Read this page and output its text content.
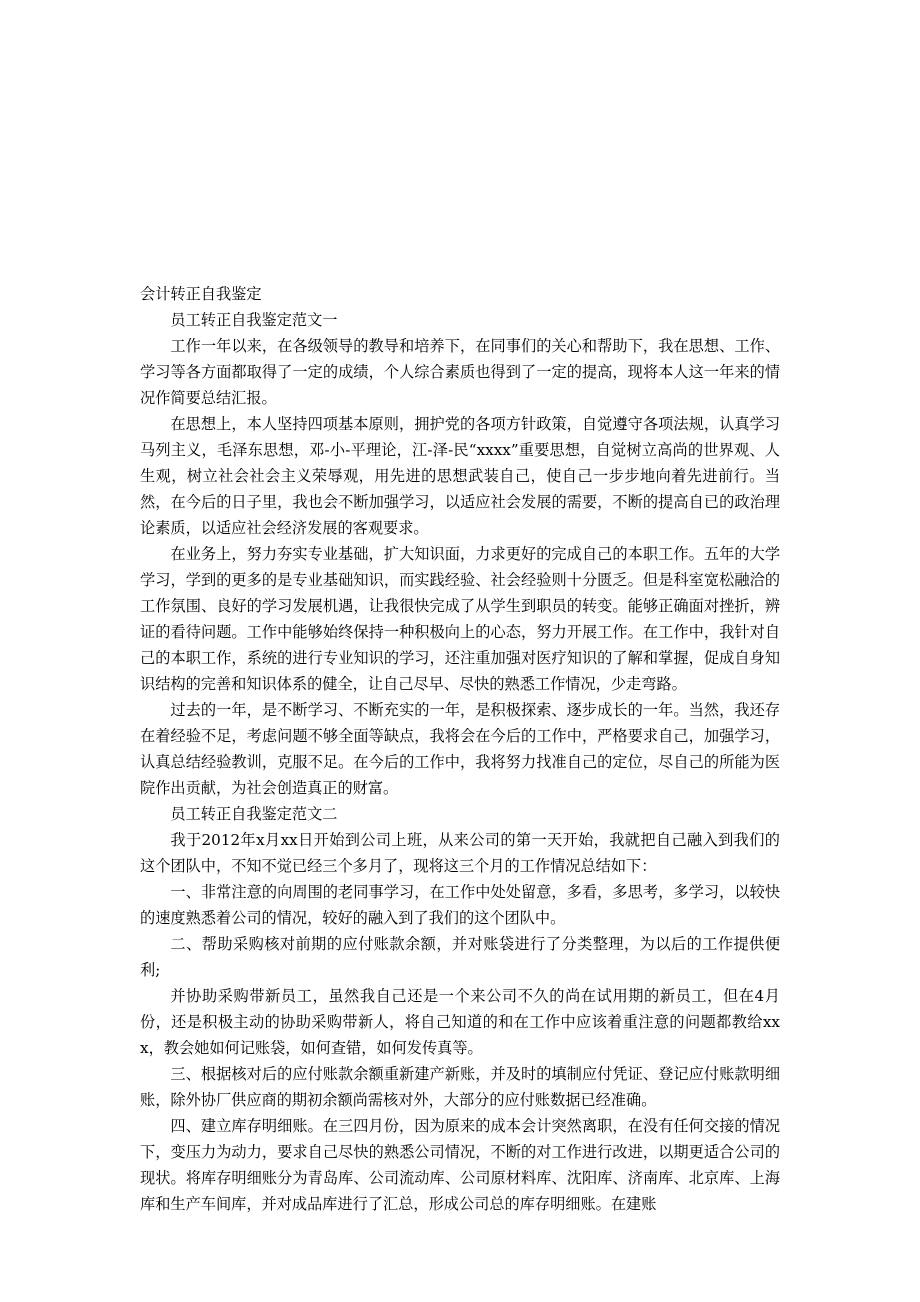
会计转正自我鉴定
员工转正自我鉴定范文一

工作一年以来，在各级领导的教导和培养下，在同事们的关心和帮助下，我在思想、工作、学习等各方面都取得了一定的成绩，个人综合素质也得到了一定的提高，现将本人这一年来的情况作简要总结汇报。

在思想上，本人坚持四项基本原则，拥护党的各项方针政策，自觉遵守各项法规，认真学习马列主义，毛泽东思想，邓-小-平理论，江-泽-民“xxxx”重要思想，自觉树立高尚的世界观、人生观，树立社会社会主义荣辱观，用先进的思想武装自己，使自己一步步地向着先进前行。当然，在今后的日子里，我也会不断加强学习，以适应社会发展的需要，不断的提高自已的政治理论素质，以适应社会经济发展的客观要求。

在业务上，努力夯实专业基础，扩大知识面，力求更好的完成自己的本职工作。五年的大学学习，学到的更多的是专业基础知识，而实践经验、社会经验则十分匮乏。但是科室宽松融洽的工作氛围、良好的学习发展机遇，让我很快完成了从学生到职员的转变。能够正确面对挫折，辨证的看待问题。工作中能够始终保持一种积极向上的心态，努力开展工作。在工作中，我针对自己的本职工作，系统的进行专业知识的学习，还注重加强对医疗知识的了解和掌握，促成自身知识结构的完善和知识体系的健全，让自己尽早、尽快的熟悉工作情况，少走弯路。

过去的一年，是不断学习、不断充实的一年，是积极探索、逐步成长的一年。当然，我还存在着经验不足，考虑问题不够全面等缺点，我将会在今后的工作中，严格要求自己，加强学习，认真总结经验教训，克服不足。在今后的工作中，我将努力找准自己的定位，尽自己的所能为医院作出贡献，为社会创造真正的财富。

员工转正自我鉴定范文二

我于2012年x月xx日开始到公司上班，从来公司的第一天开始，我就把自己融入到我们的这个团队中，不知不觉已经三个多月了，现将这三个月的工作情况总结如下：

一、非常注意的向周围的老同事学习，在工作中处处留意，多看，多思考，多学习，以较快的速度熟悉着公司的情况，较好的融入到了我们的这个团队中。

二、帮助采购核对前期的应付账款余额，并对账袋进行了分类整理，为以后的工作提供便利;

并协助采购带新员工，虽然我自己还是一个来公司不久的尚在试用期的新员工，但在4月份，还是积极主动的协助采购带新人，将自己知道的和在工作中应该着重注意的问题都教给xxx，教会她如何记账袋，如何查错，如何发传真等。

三、根据核对后的应付账款余额重新建产新账，并及时的填制应付凭证、登记应付账款明细账，除外协厂供应商的期初余额尚需核对外，大部分的应付账数据已经准确。

四、建立库存明细账。在三四月份，因为原来的成本会计突然离职，在没有任何交接的情况下，变压力为动力，要求自己尽快的熟悉公司情况，不断的对工作进行改进，以期更适合公司的现状。将库存明细账分为青岛库、公司流动库、公司原材料库、沈阳库、济南库、北京库、上海库和生产车间库，并对成品库进行了汇总，形成公司总的库存明细账。在建账
